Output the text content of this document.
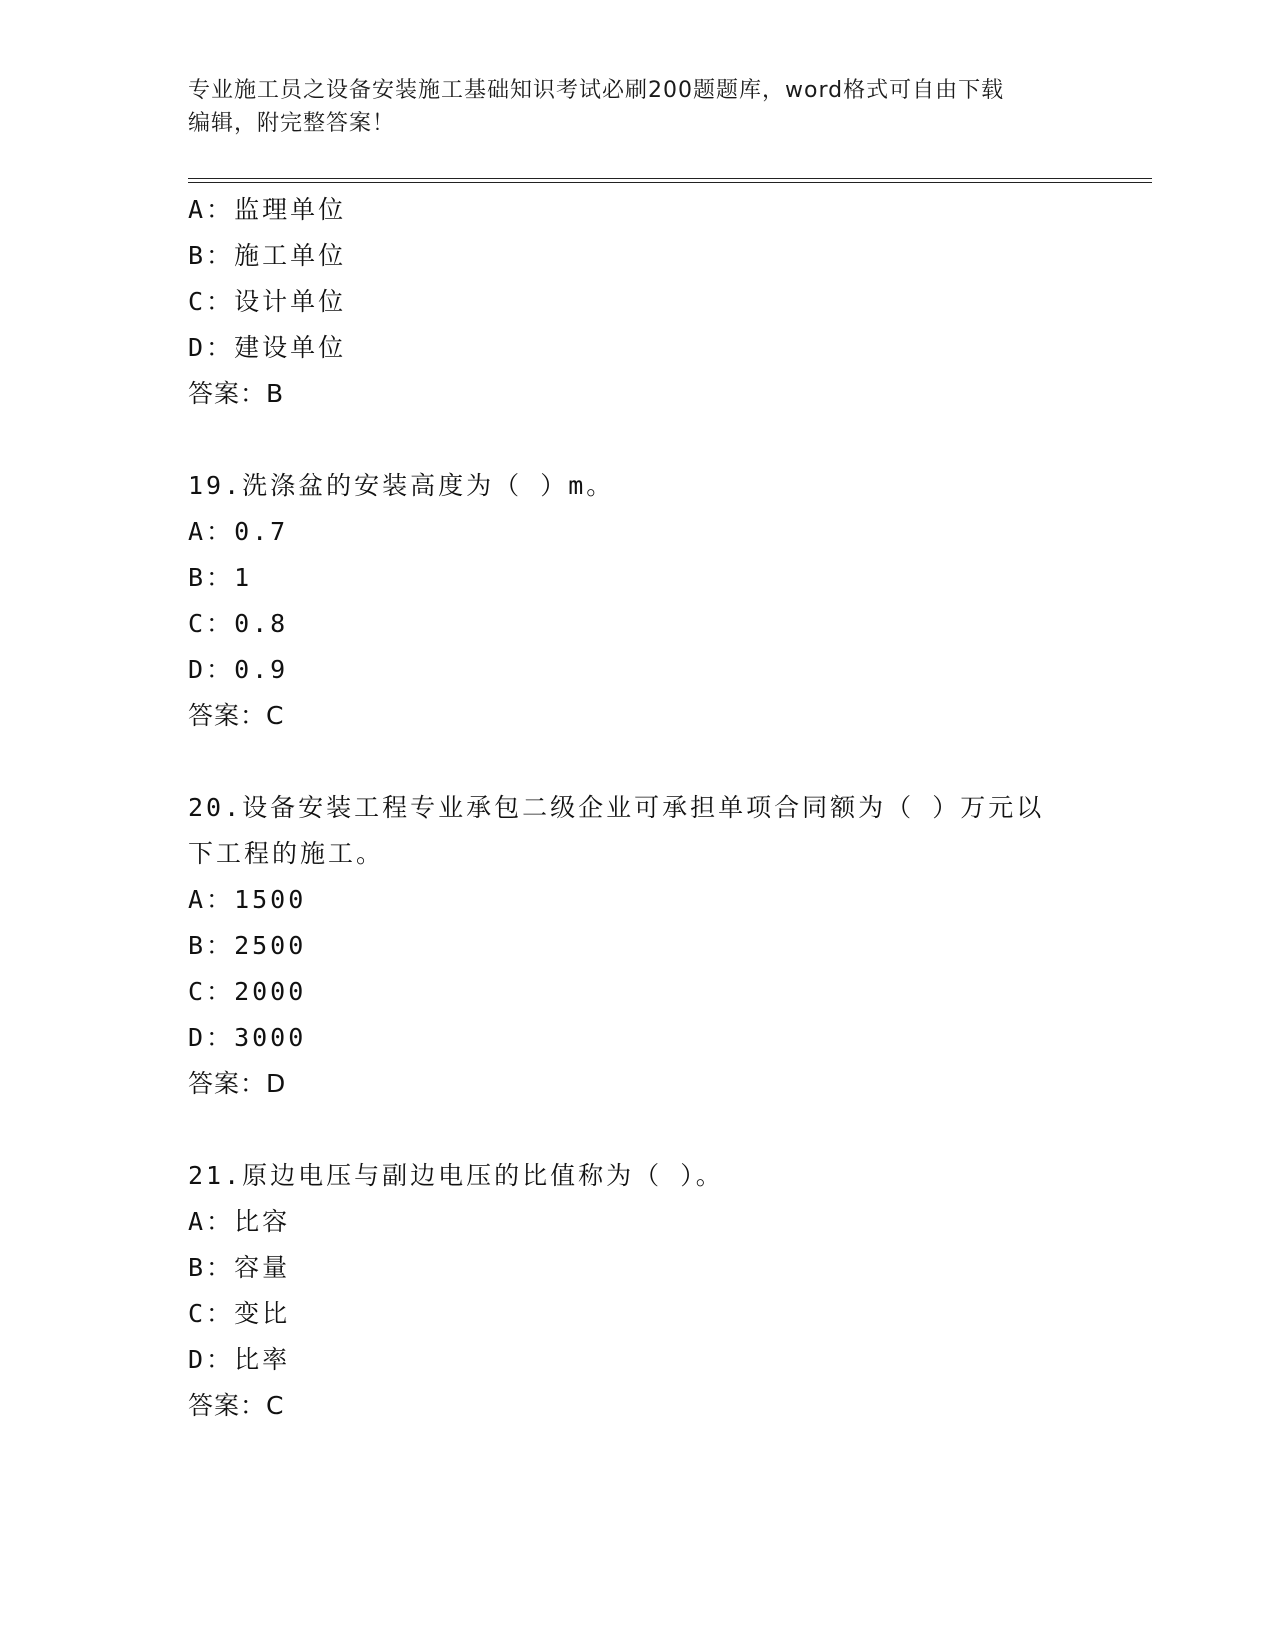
专业施工员之设备安装施工基础知识考试必刷200题题库，word格式可自由下载
编辑，附完整答案！
A：监理单位
B：施工单位
C：设计单位
D：建设单位
答案：B
19.洗涤盆的安装高度为（ ）m。
A：0.7
B：1
C：0.8
D：0.9
答案：C
20.设备安装工程专业承包二级企业可承担单项合同额为（ ）万元以
下工程的施工。
A：1500
B：2500
C：2000
D：3000
答案：D
21.原边电压与副边电压的比值称为（ ）。
A：比容
B：容量
C：变比
D：比率
答案：C
